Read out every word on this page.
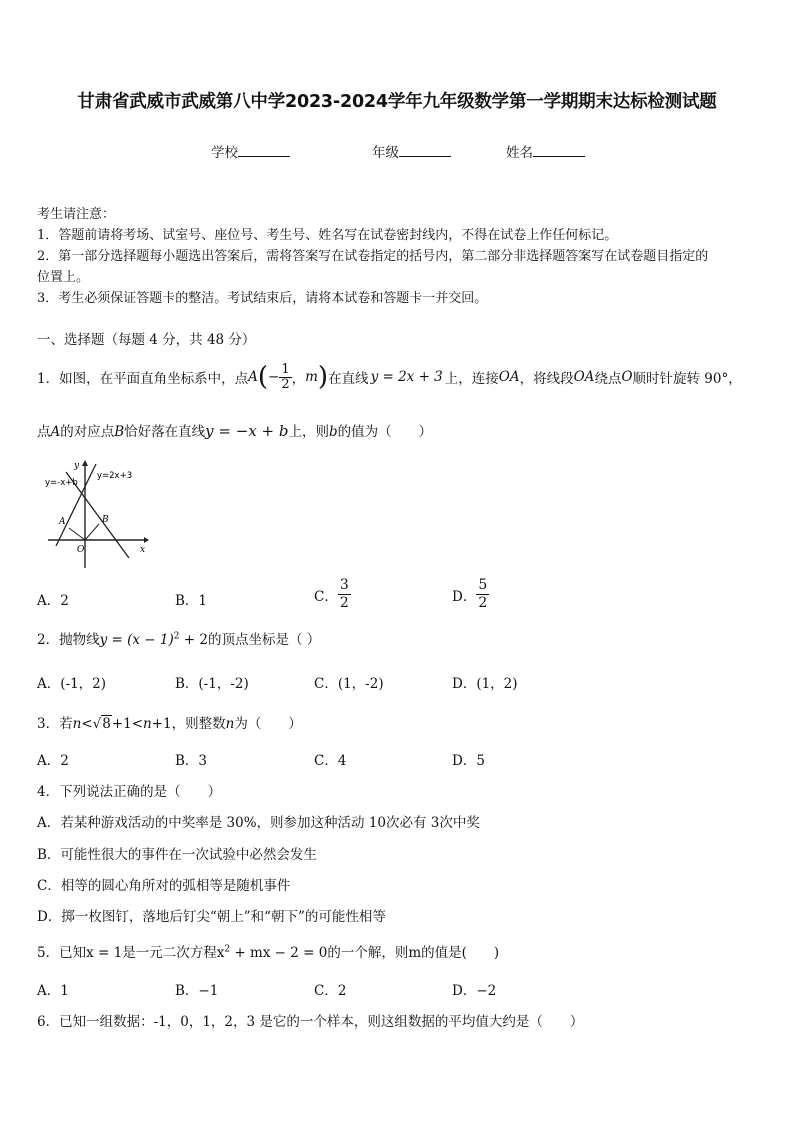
甘肃省武威市武威第八中学2023-2024学年九年级数学第一学期期末达标检测试题
学校	年级	姓名
考生请注意：
1．答题前请将考场、试室号、座位号、考生号、姓名写在试卷密封线内，不得在试卷上作任何标记。
2．第一部分选择题每小题选出答案后，需将答案写在试卷指定的括号内，第二部分非选择题答案写在试卷题目指定的
位置上。
3．考生必须保证答题卡的整洁。考试结束后，请将本试卷和答题卡一并交回。
一、选择题（每题 4 分，共 48 分）
1．如图，在平面直角坐标系中，点 A ( − $\frac{1}{2}$ ， m ) 在直线 y = 2x + 3 上，连接 OA ，将线段 OA 绕点 O 顺时针旋转 90°，
点A的对应点B恰好落在直线y = −x + b上，则b的值为（　　）
y=-x+b
y=2x+3
A	B
O	x
y
A．2	B．1	C． $\frac{3}{2}$	D． $\frac{5}{2}$
2．抛物线$y = (x - 1)^2 + 2$的顶点坐标是（ ）
A．(-1，2)	B．(-1，-2)	C．(1，-2)	D．(1，2)
3．若n<√8+1<n+1，则整数n为（　　）
A．2	B．3	C．4	D．5
4．下列说法正确的是（　　）
A．若某种游戏活动的中奖率是 30%，则参加这种活动 10次必有 3次中奖
B．可能性很大的事件在一次试验中必然会发生
C．相等的圆心角所对的弧相等是随机事件
D．掷一枚图钉，落地后钉尖“朝上”和“朝下”的可能性相等
5．已知x = 1是一元二次方程$x^2$ + mx − 2 = 0的一个解，则m的值是(　　)
A．1	B．−1	C．2	D．−2
6．已知一组数据：-1，0，1，2，3 是它的一个样本，则这组数据的平均值大约是（　　）
